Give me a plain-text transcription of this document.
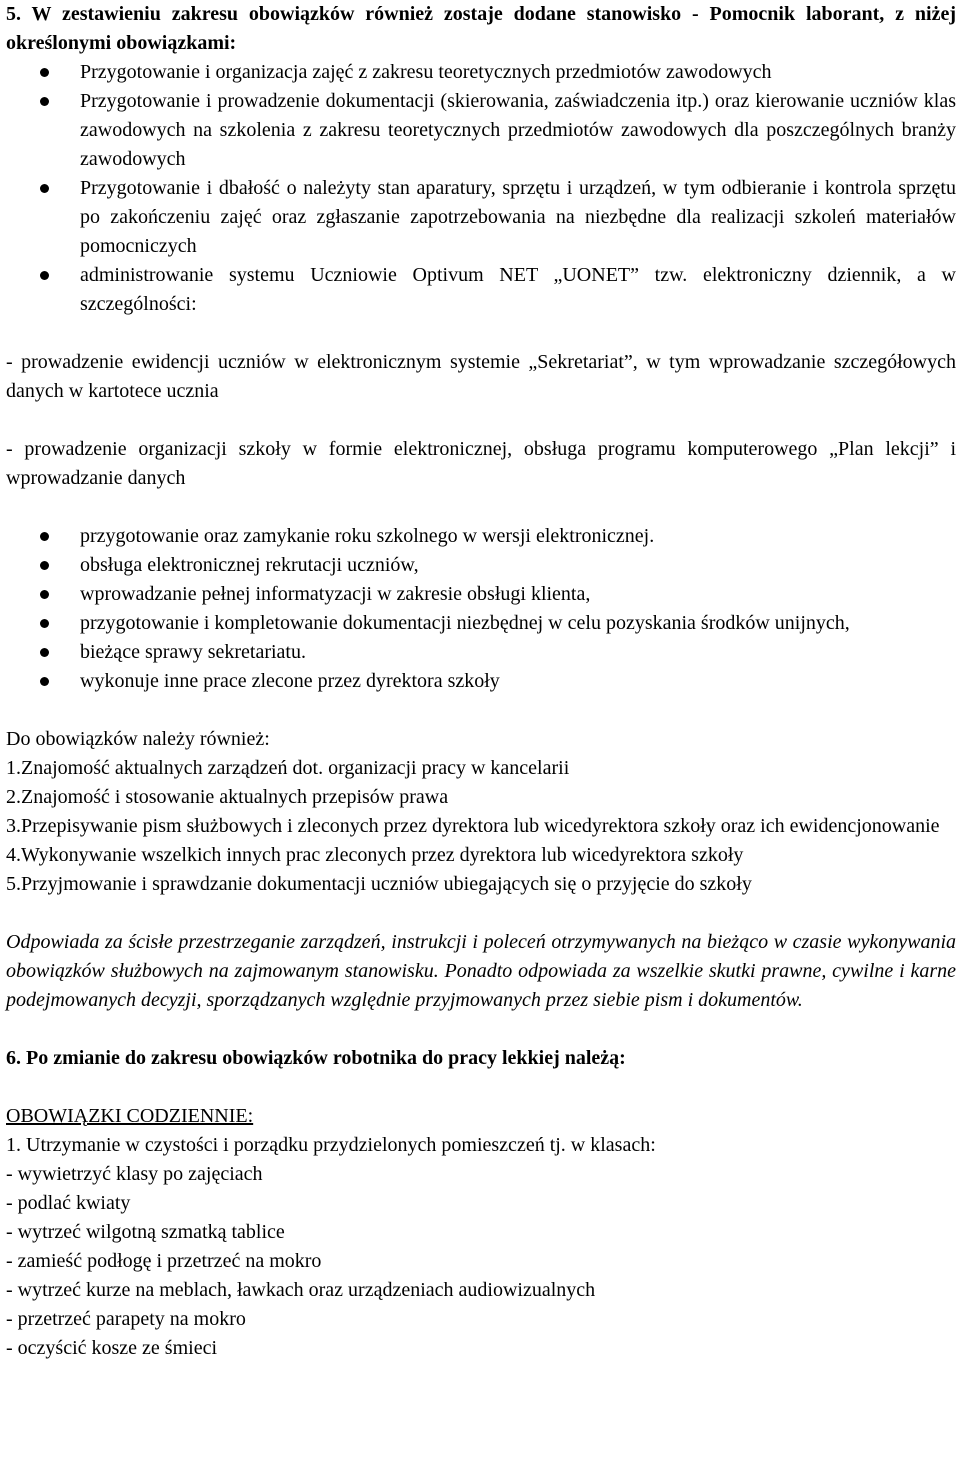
5. W zestawieniu zakresu obowiązków również zostaje dodane stanowisko - Pomocnik laborant, z niżej określonymi obowiązkami:

Przygotowanie i organizacja zajęć z zakresu teoretycznych przedmiotów zawodowych
Przygotowanie i prowadzenie dokumentacji (skierowania, zaświadczenia itp.) oraz kierowanie uczniów klas zawodowych na szkolenia z zakresu teoretycznych przedmiotów zawodowych dla poszczególnych branży zawodowych
Przygotowanie i dbałość o należyty stan aparatury, sprzętu i urządzeń, w tym odbieranie i kontrola sprzętu po zakończeniu zajęć oraz zgłaszanie zapotrzebowania na niezbędne dla realizacji szkoleń materiałów pomocniczych
administrowanie systemu Uczniowie Optivum NET „UONET” tzw. elektroniczny dziennik, a w szczególności:

- prowadzenie ewidencji uczniów w elektronicznym systemie „Sekretariat”, w tym wprowadzanie szczegółowych danych w kartotece ucznia

- prowadzenie organizacji szkoły w formie elektronicznej, obsługa programu komputerowego „Plan lekcji” i wprowadzanie danych

przygotowanie oraz zamykanie roku szkolnego w wersji elektronicznej.
obsługa elektronicznej rekrutacji uczniów,
wprowadzanie pełnej informatyzacji w zakresie obsługi klienta,
przygotowanie i kompletowanie dokumentacji niezbędnej w celu pozyskania środków unijnych,
bieżące sprawy sekretariatu.
wykonuje inne prace zlecone przez dyrektora szkoły

Do obowiązków należy również:

1.Znajomość aktualnych zarządzeń dot. organizacji pracy w kancelarii

2.Znajomość i stosowanie aktualnych przepisów prawa

3.Przepisywanie pism służbowych i zleconych przez dyrektora lub wicedyrektora szkoły oraz ich ewidencjonowanie

4.Wykonywanie wszelkich innych prac zleconych przez dyrektora lub wicedyrektora szkoły

5.Przyjmowanie i sprawdzanie dokumentacji uczniów ubiegających się o przyjęcie do szkoły

Odpowiada za ścisłe przestrzeganie zarządzeń, instrukcji i poleceń otrzymywanych na bieżąco w czasie wykonywania obowiązków służbowych na zajmowanym stanowisku. Ponadto odpowiada za wszelkie skutki prawne, cywilne i karne podejmowanych decyzji, sporządzanych względnie przyjmowanych przez siebie pism i dokumentów.

6. Po zmianie do zakresu obowiązków robotnika do pracy lekkiej należą:

OBOWIĄZKI CODZIENNIE:

1. Utrzymanie w czystości i porządku przydzielonych pomieszczeń tj. w klasach:

- wywietrzyć klasy po zajęciach

- podlać kwiaty

- wytrzeć wilgotną szmatką tablice

- zamieść podłogę i przetrzeć na mokro

- wytrzeć kurze na meblach, ławkach oraz urządzeniach audiowizualnych

- przetrzeć parapety na mokro

- oczyścić kosze ze śmieci
